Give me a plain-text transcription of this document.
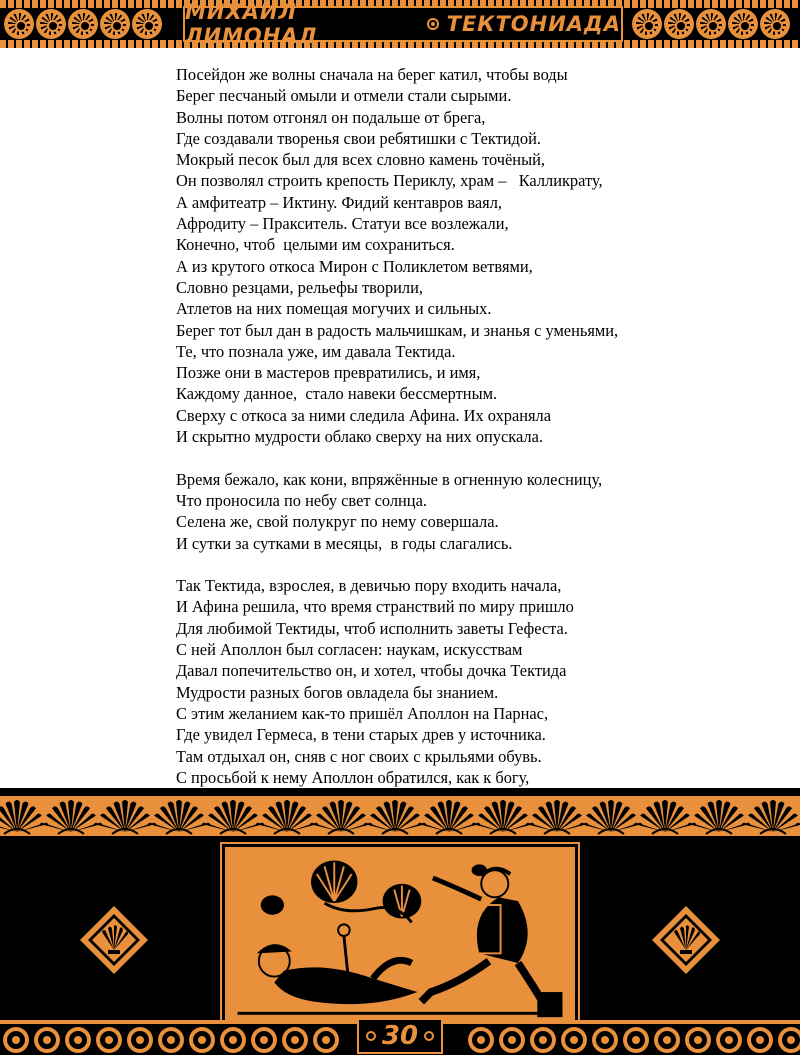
МИХАИЛ ЛИМОНАД	ТЕКТОНИАДА
Посейдон же волны сначала на берег катил, чтобы воды
Берег песчаный омыли и отмели стали сырыми.
Волны потом отгонял он подальше от брега,
Где создавали творенья свои ребятишки с Тектидой.
Мокрый песок был для всех словно камень точёный,
Он позволял строить крепость Периклу, храм –   Калликрату,
А амфитеатр – Иктину. Фидий кентавров ваял,
Афродиту – Пракситель. Статуи все возлежали,
Конечно, чтоб  целыми им сохраниться.
А из крутого откоса Мирон с Поликлетом ветвями,
Словно резцами, рельефы творили,
Атлетов на них помещая могучих и сильных.
Берег тот был дан в радость мальчишкам, и знанья с уменьями,
Те, что познала уже, им давала Тектида.
Позже они в мастеров превратились, и имя,
Каждому данное,  стало навеки бессмертным.
Сверху с откоса за ними следила Афина. Их охраняла
И скрытно мудрости облако сверху на них опускала.
Время бежало, как кони, впряжённые в огненную колесницу,
Что проносила по небу свет солнца.
Селена же, свой полукруг по нему совершала.
И сутки за сутками в месяцы,  в годы слагались.
Так Тектида, взрослея, в девичью пору входить начала,
И Афина решила, что время странствий по миру пришло
Для любимой Тектиды, чтоб исполнить заветы Гефеста.
С ней Аполлон был согласен: наукам, искусствам
Давал попечительство он, и хотел, чтобы дочка Тектида
Мудрости разных богов овладела бы знанием.
С этим желанием как-то пришёл Аполлон на Парнас,
Где увидел Гермеса, в тени старых древ у источника.
Там отдыхал он, сняв с ног своих с крыльями обувь.
С просьбой к нему Аполлон обратился, как к богу,
30
